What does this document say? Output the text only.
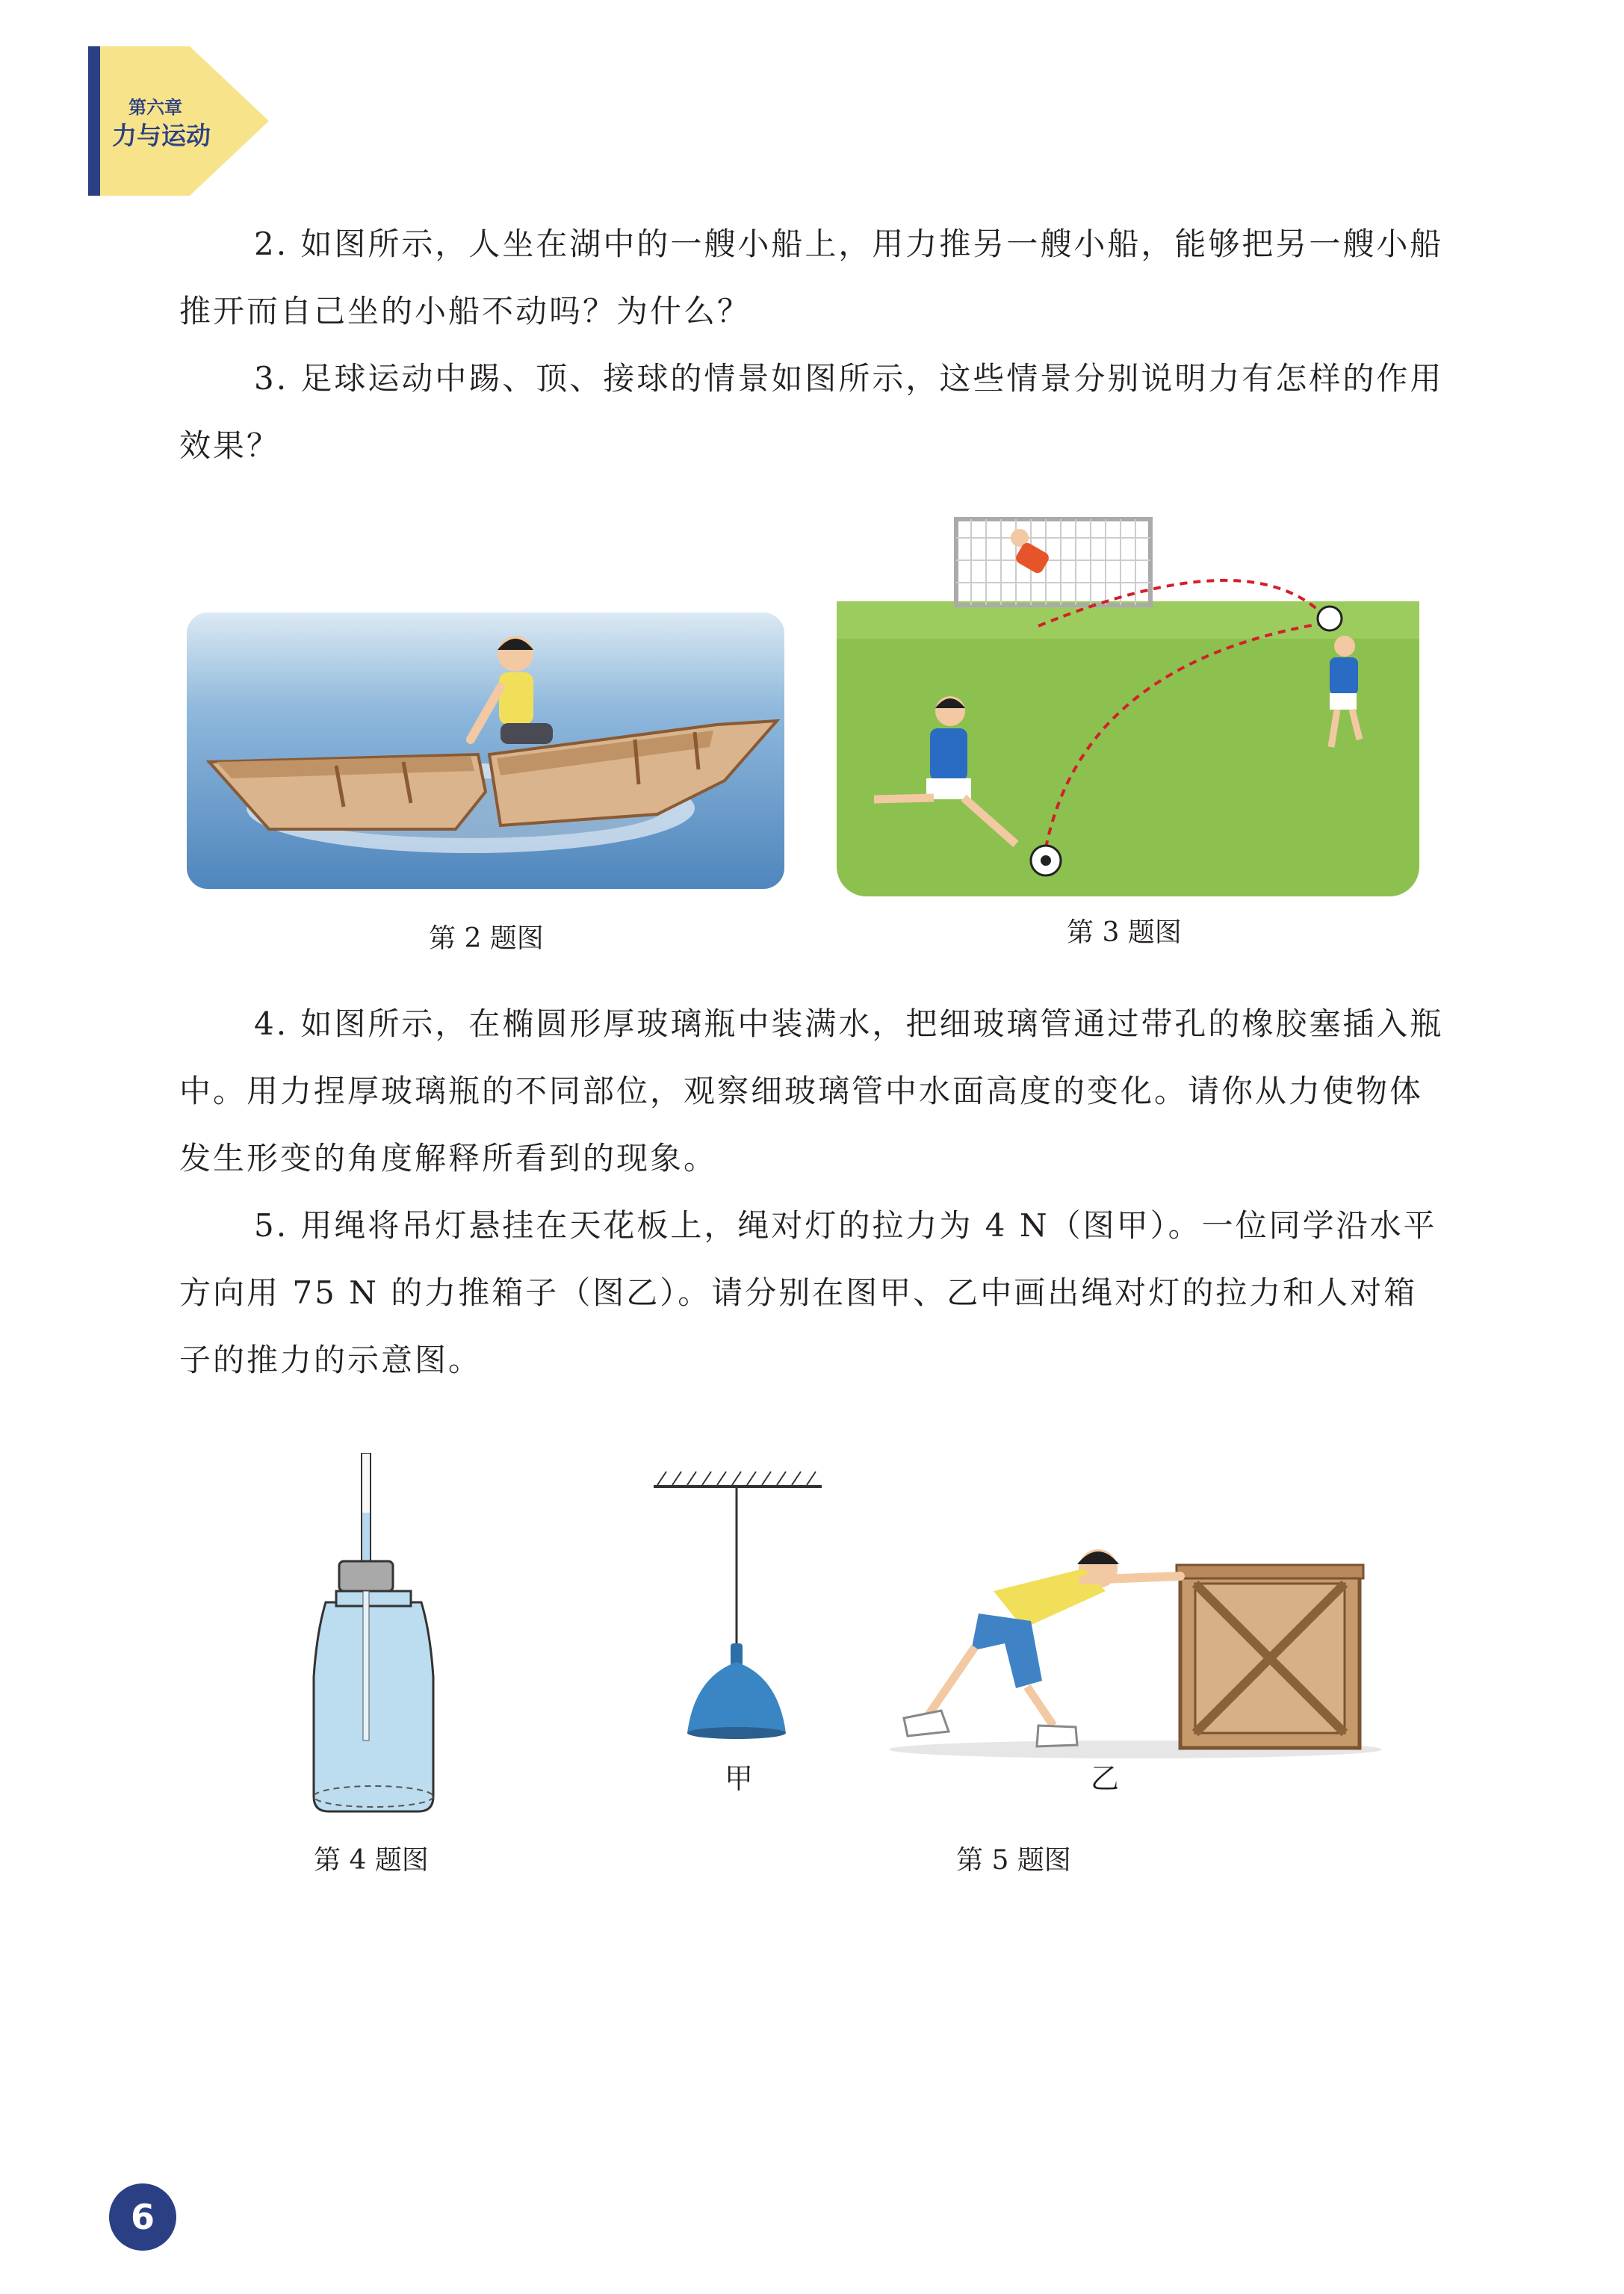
第六章
力与运动

2. 如图所示，人坐在湖中的一艘小船上，用力推另一艘小船，能够把另一艘小船推开而自己坐的小船不动吗？为什么？

3. 足球运动中踢、顶、接球的情景如图所示，这些情景分别说明力有怎样的作用效果？

第 2 题图	第 3 题图

4. 如图所示，在椭圆形厚玻璃瓶中装满水，把细玻璃管通过带孔的橡胶塞插入瓶中。用力捏厚玻璃瓶的不同部位，观察细玻璃管中水面高度的变化。请你从力使物体发生形变的角度解释所看到的现象。

5. 用绳将吊灯悬挂在天花板上，绳对灯的拉力为 4 N（图甲）。一位同学沿水平方向用 75 N 的力推箱子（图乙）。请分别在图甲、乙中画出绳对灯的拉力和人对箱子的推力的示意图。

第 4 题图
甲	乙
第 5 题图
6
